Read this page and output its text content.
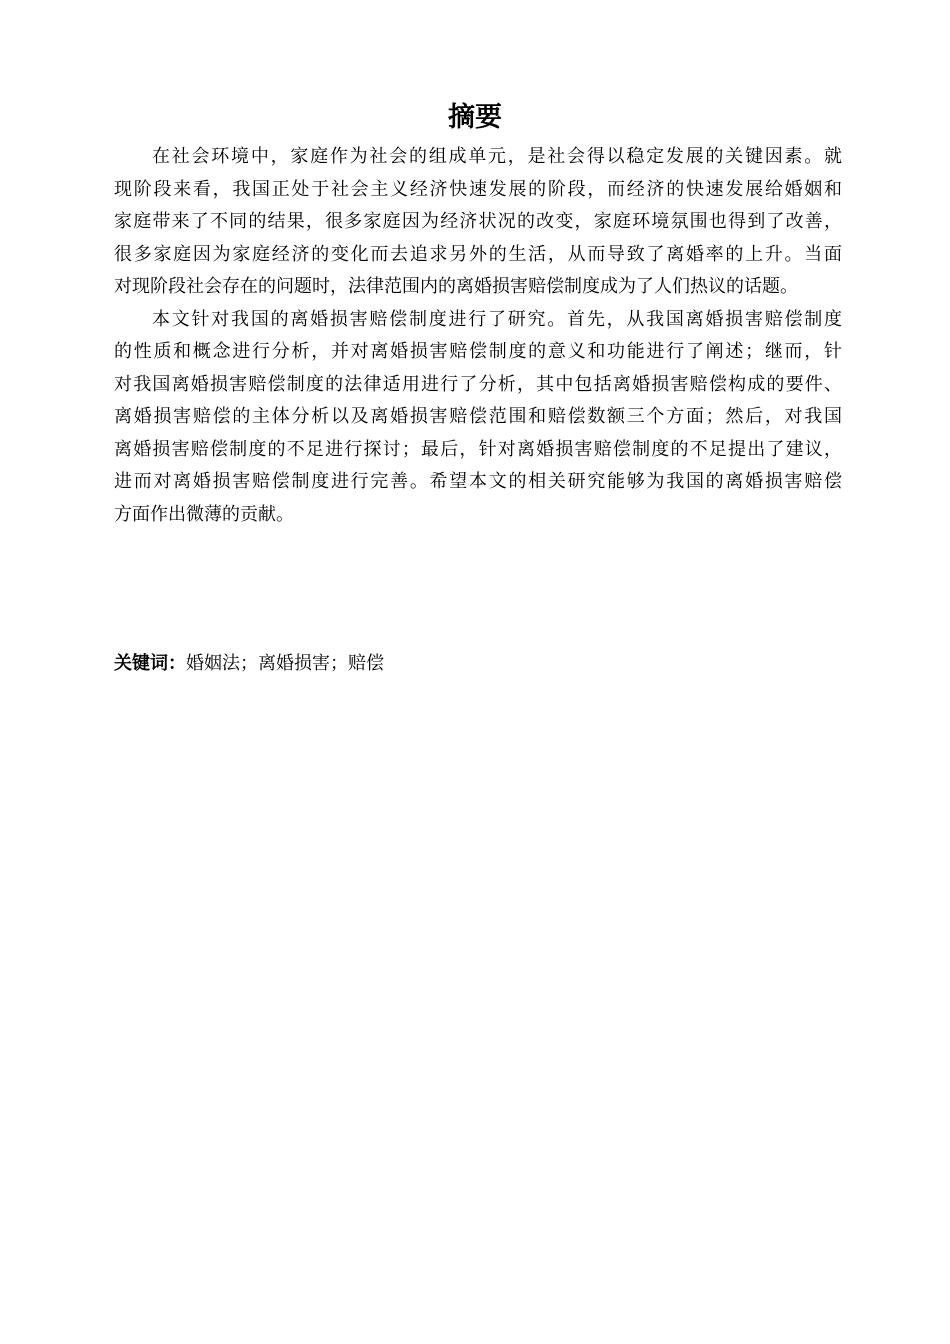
摘要

在社会环境中，家庭作为社会的组成单元，是社会得以稳定发展的关键因素。就
现阶段来看，我国正处于社会主义经济快速发展的阶段，而经济的快速发展给婚姻和
家庭带来了不同的结果，很多家庭因为经济状况的改变，家庭环境氛围也得到了改善，
很多家庭因为家庭经济的变化而去追求另外的生活，从而导致了离婚率的上升。当面
对现阶段社会存在的问题时，法律范围内的离婚损害赔偿制度成为了人们热议的话题。

本文针对我国的离婚损害赔偿制度进行了研究。首先，从我国离婚损害赔偿制度
的性质和概念进行分析，并对离婚损害赔偿制度的意义和功能进行了阐述；继而，针
对我国离婚损害赔偿制度的法律适用进行了分析，其中包括离婚损害赔偿构成的要件、
离婚损害赔偿的主体分析以及离婚损害赔偿范围和赔偿数额三个方面；然后，对我国
离婚损害赔偿制度的不足进行探讨；最后，针对离婚损害赔偿制度的不足提出了建议，
进而对离婚损害赔偿制度进行完善。希望本文的相关研究能够为我国的离婚损害赔偿
方面作出微薄的贡献。

关键词：婚姻法；离婚损害；赔偿
